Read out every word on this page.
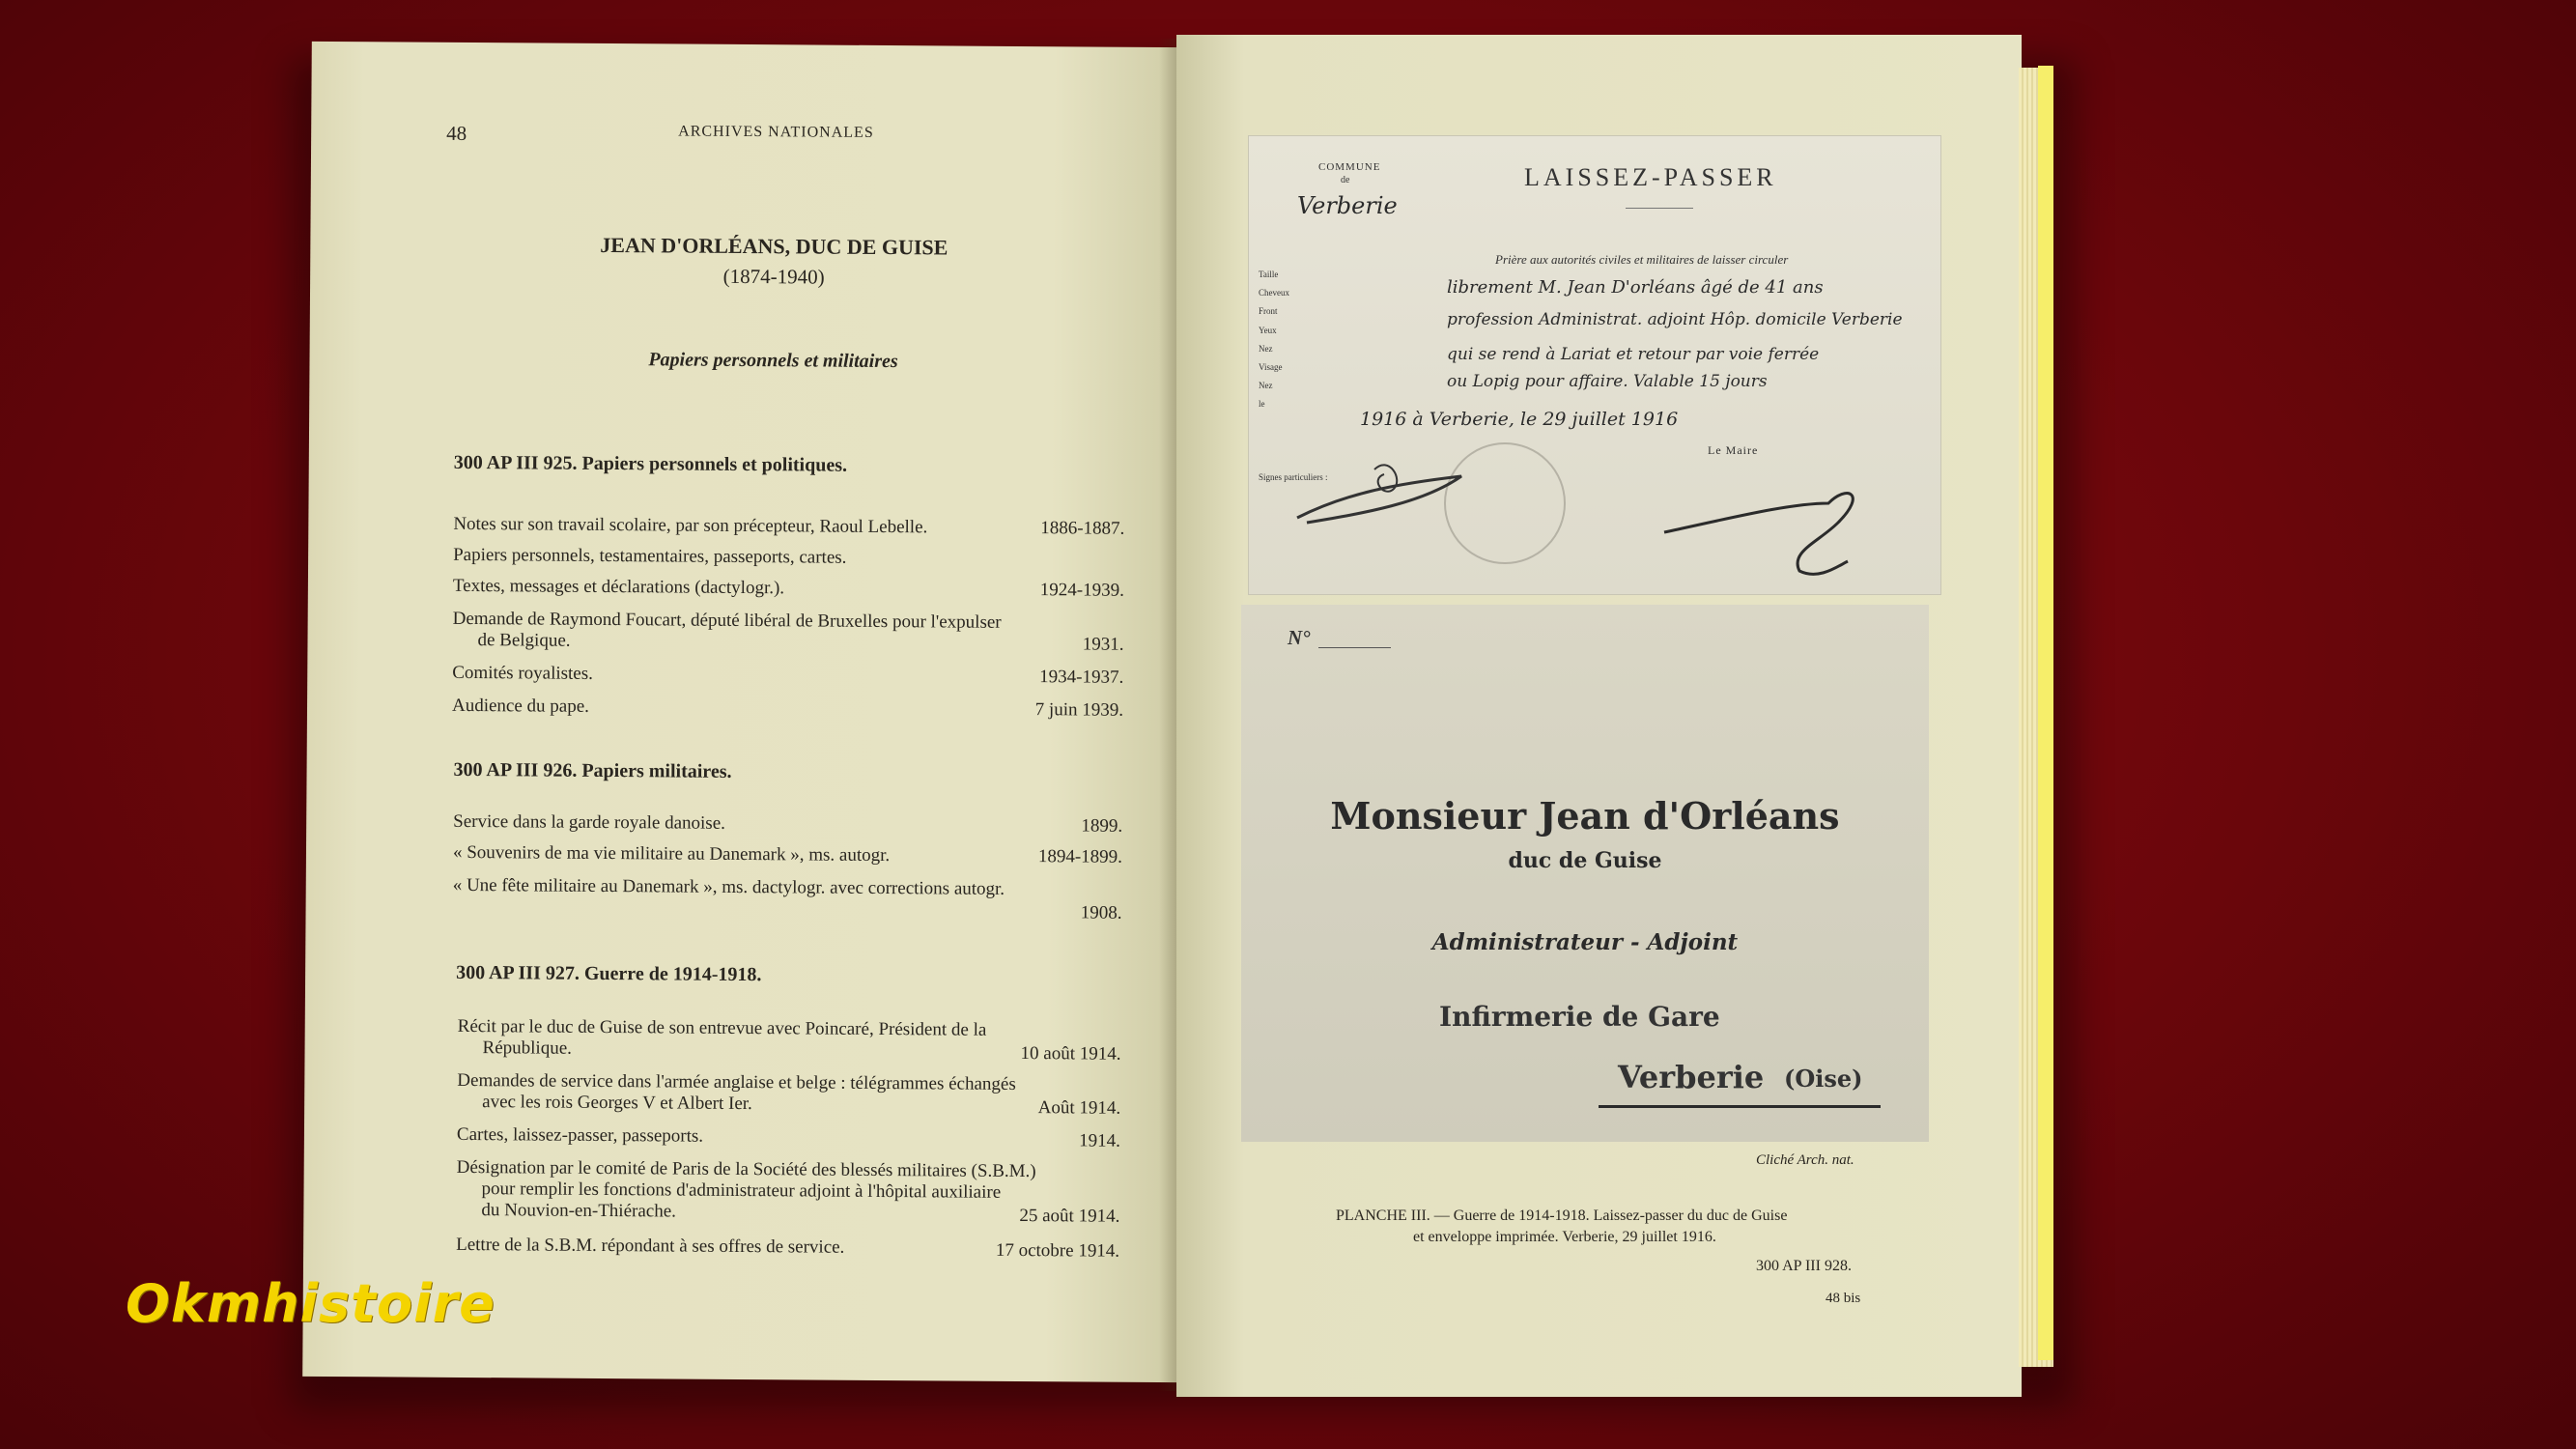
48	ARCHIVES NATIONALES
JEAN D'ORLÉANS, DUC DE GUISE
(1874-1940)
Papiers personnels et militaires
300 AP III 925. Papiers personnels et politiques.
Notes sur son travail scolaire, par son précepteur, Raoul Lebelle.	1886-1887.
Papiers personnels, testamentaires, passeports, cartes.
Textes, messages et déclarations (dactylogr.).	1924-1939.
Demande de Raymond Foucart, député libéral de Bruxelles pour l'expulser
de Belgique.	1931.
Comités royalistes.	1934-1937.
Audience du pape.	7 juin 1939.
300 AP III 926. Papiers militaires.
Service dans la garde royale danoise.	1899.
« Souvenirs de ma vie militaire au Danemark », ms. autogr.	1894-1899.
« Une fête militaire au Danemark », ms. dactylogr. avec corrections autogr.
1908.
300 AP III 927. Guerre de 1914-1918.
Récit par le duc de Guise de son entrevue avec Poincaré, Président de la
République.	10 août 1914.
Demandes de service dans l'armée anglaise et belge : télégrammes échangés
avec les rois Georges V et Albert Ier.	Août 1914.
Cartes, laissez-passer, passeports.	1914.
Désignation par le comité de Paris de la Société des blessés militaires (S.B.M.)
pour remplir les fonctions d'administrateur adjoint à l'hôpital auxiliaire
du Nouvion-en-Thiérache.	25 août 1914.
Lettre de la S.B.M. répondant à ses offres de service.	17 octobre 1914.
COMMUNE
de
Verberie
LAISSEZ-PASSER
Prière aux autorités civiles et militaires de laisser circuler
librement M. Jean D'orléans âgé de 41 ans
profession Administrat. adjoint Hôp. domicile Verberie
qui se rend à Lariat et retour par voie ferrée
ou Lopig pour affaire. Valable 15 jours
1916 à Verberie, le 29 juillet 1916
Le Maire
Taille
Cheveux
Front
Yeux
Nez
Visage
Nez
le
Signes particuliers :
N°
Monsieur Jean d'Orléans
duc de Guise
Administrateur - Adjoint
Infirmerie de Gare
Verberie (Oise)
Cliché Arch. nat.
PLANCHE III. — Guerre de 1914-1918. Laissez-passer du duc de Guise
et enveloppe imprimée. Verberie, 29 juillet 1916.
300 AP III 928.
48 bis
Okmhistoire
